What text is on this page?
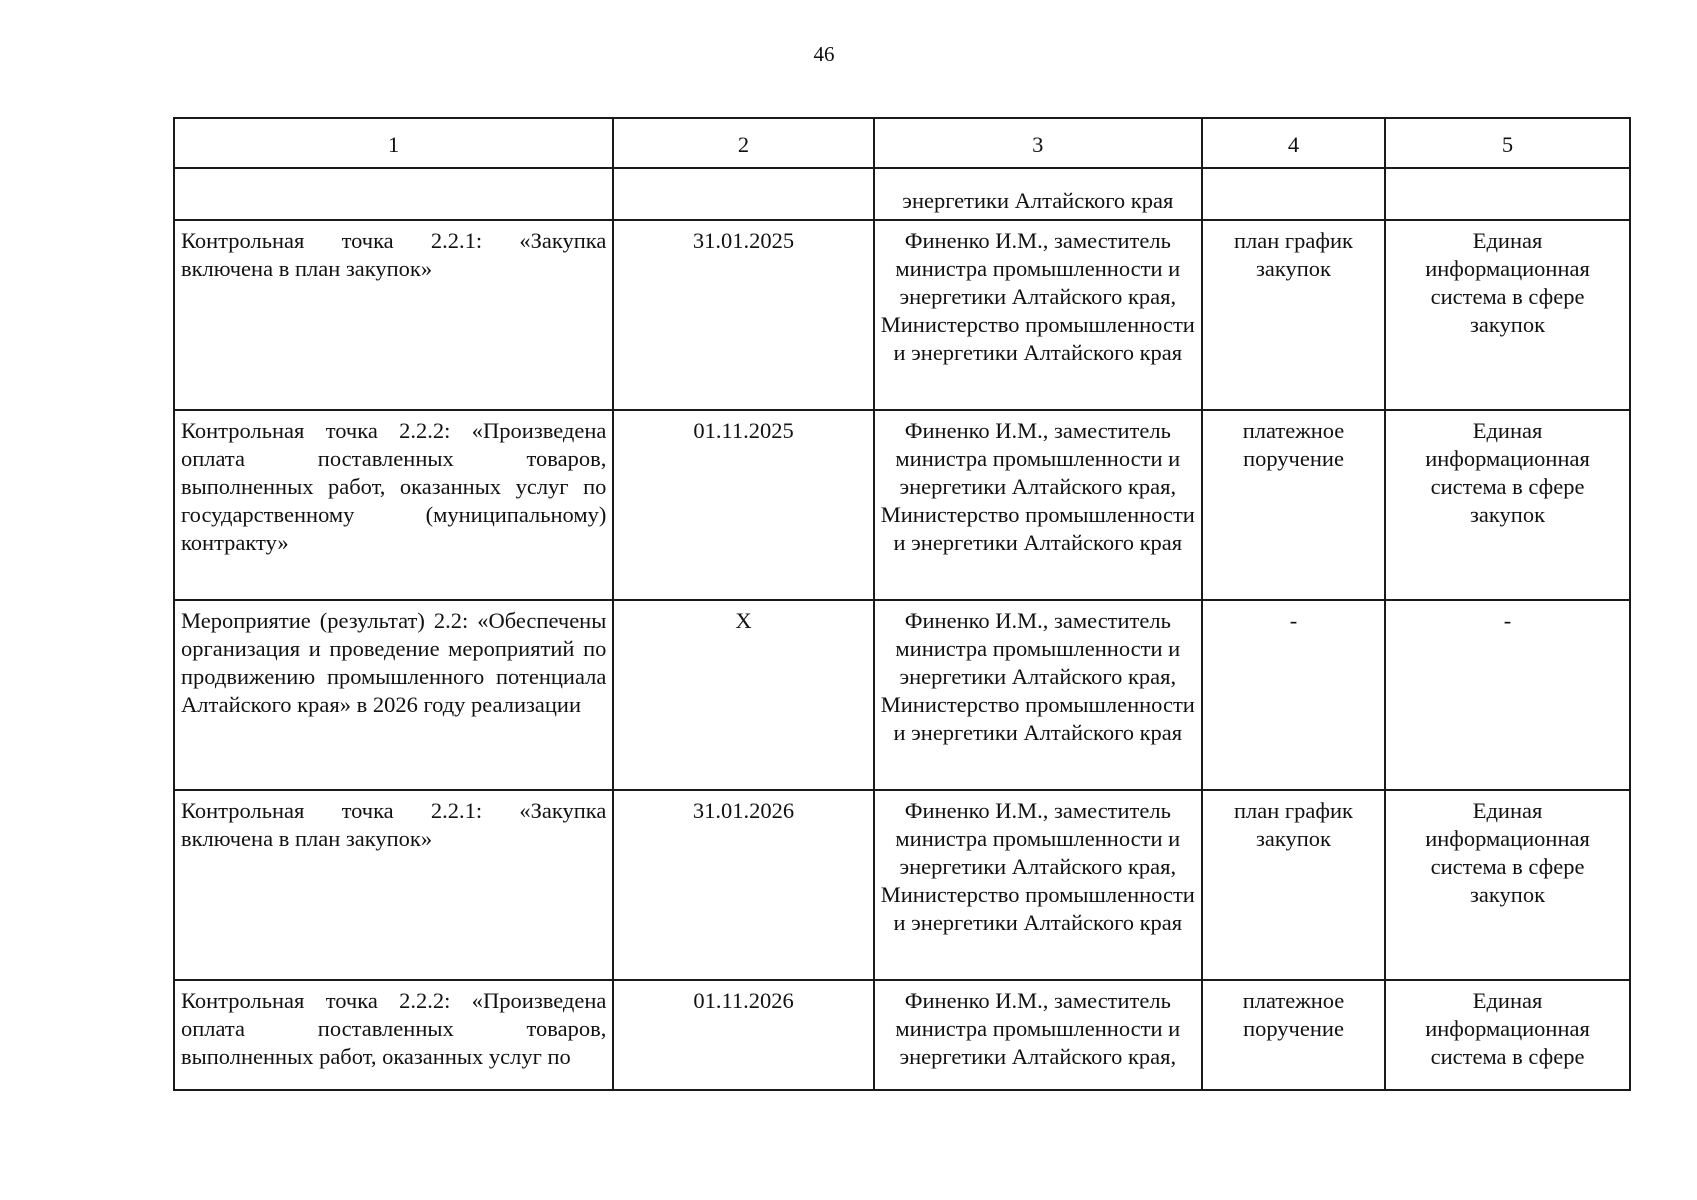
46
1	2	3	4	5
		энергетики Алтайского края		
Контрольная точка 2.2.1: «Закупка включена в план закупок»	31.01.2025	Финенко И.М., заместитель министра промышленности и энергетики Алтайского края, Министерство промышленности и энергетики Алтайского края	план график закупок	Единая информационная система в сфере закупок
Контрольная точка 2.2.2: «Произведена оплата поставленных товаров, выполненных работ, оказанных услуг по государственному (муниципальному) контракту»	01.11.2025	Финенко И.М., заместитель министра промышленности и энергетики Алтайского края, Министерство промышленности и энергетики Алтайского края	платежное поручение	Единая информационная система в сфере закупок
Мероприятие (результат) 2.2: «Обеспечены организация и проведение мероприятий по продвижению промышленного потенциала Алтайского края» в 2026 году реализации	Х	Финенко И.М., заместитель министра промышленности и энергетики Алтайского края, Министерство промышленности и энергетики Алтайского края	-	-
Контрольная точка 2.2.1: «Закупка включена в план закупок»	31.01.2026	Финенко И.М., заместитель министра промышленности и энергетики Алтайского края, Министерство промышленности и энергетики Алтайского края	план график закупок	Единая информационная система в сфере закупок
Контрольная точка 2.2.2: «Произведена оплата поставленных товаров, выполненных работ, оказанных услуг по	01.11.2026	Финенко И.М., заместитель министра промышленности и энергетики Алтайского края,	платежное поручение	Единая информационная система в сфере
